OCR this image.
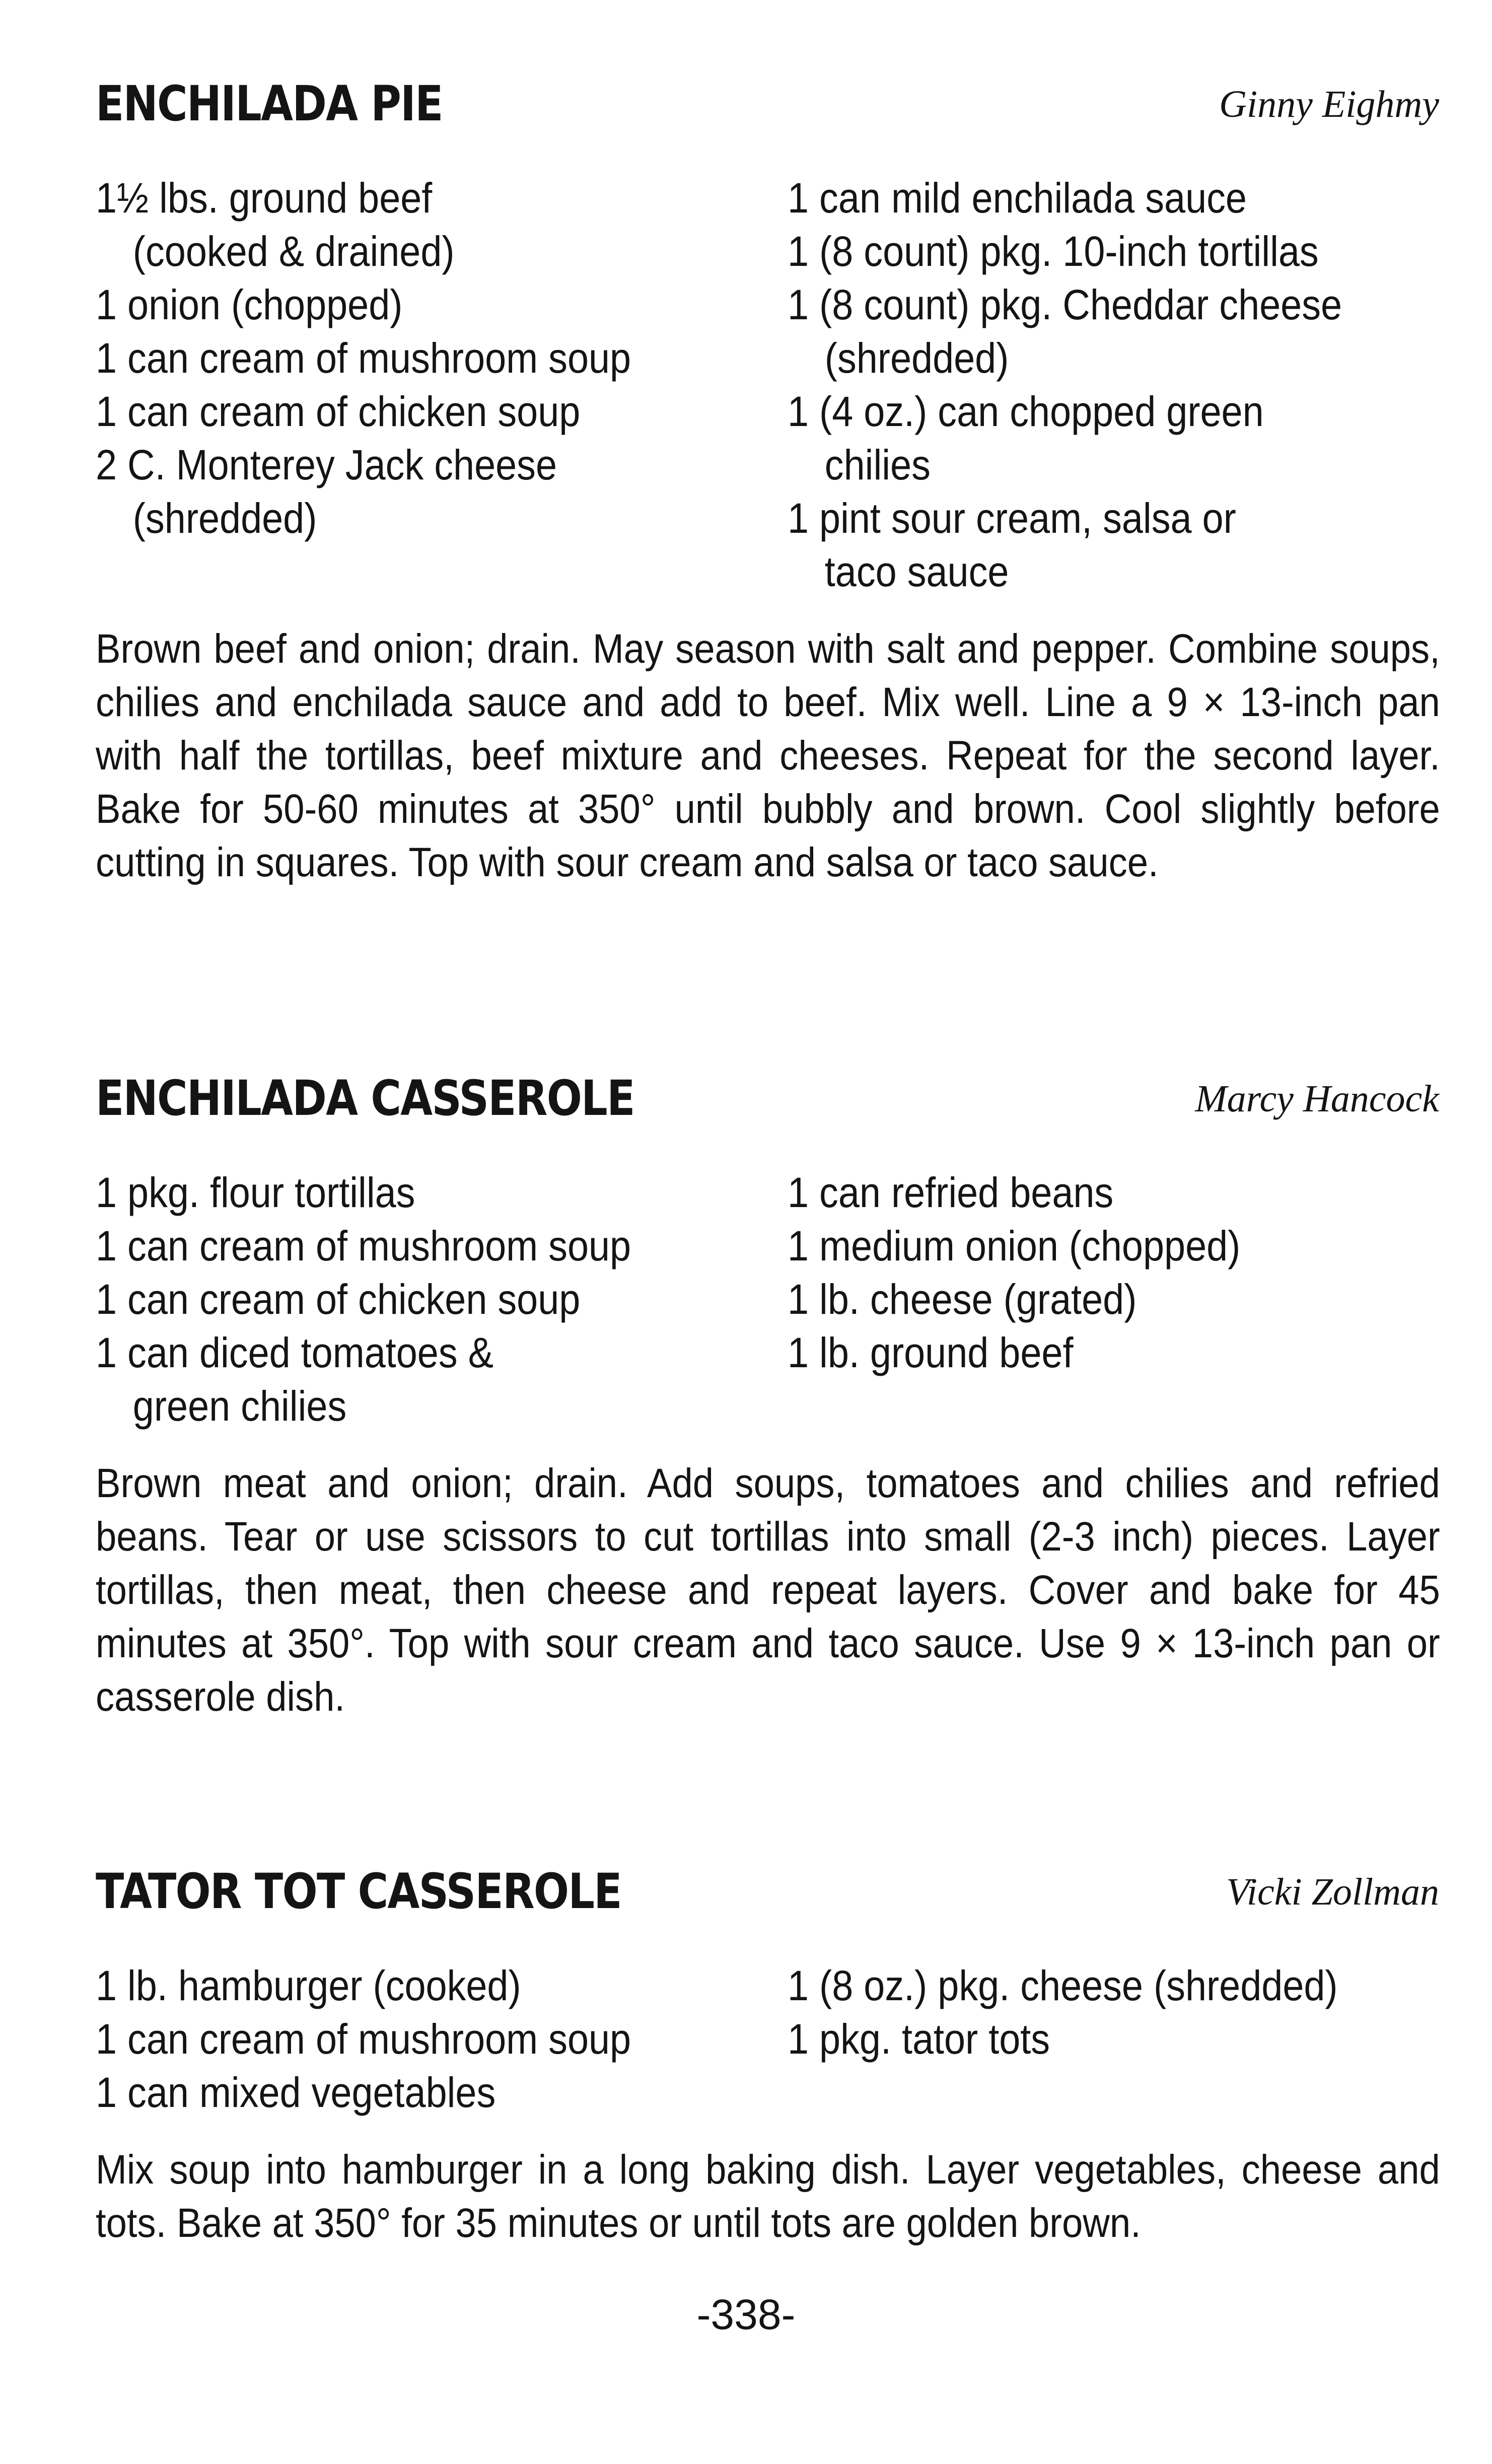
ENCHILADA PIE	Ginny Eighmy
1½ lbs. ground beef
(cooked & drained)
1 onion (chopped)
1 can cream of mushroom soup
1 can cream of chicken soup
2 C. Monterey Jack cheese
(shredded)
1 can mild enchilada sauce
1 (8 count) pkg. 10-inch tortillas
1 (8 count) pkg. Cheddar cheese
(shredded)
1 (4 oz.) can chopped green
chilies
1 pint sour cream, salsa or
taco sauce
Brown beef and onion; drain. May season with salt and pepper. Combine soups, chilies and enchilada sauce and add to beef. Mix well. Line a 9 × 13-inch pan with half the tortillas, beef mixture and cheeses. Repeat for the second layer. Bake for 50-60 minutes at 350° until bubbly and brown. Cool slightly before cutting in squares. Top with sour cream and salsa or taco sauce.
ENCHILADA CASSEROLE	Marcy Hancock
1 pkg. flour tortillas
1 can cream of mushroom soup
1 can cream of chicken soup
1 can diced tomatoes &
green chilies
1 can refried beans
1 medium onion (chopped)
1 lb. cheese (grated)
1 lb. ground beef
Brown meat and onion; drain. Add soups, tomatoes and chilies and refried beans. Tear or use scissors to cut tortillas into small (2-3 inch) pieces. Layer tortillas, then meat, then cheese and repeat layers. Cover and bake for 45 minutes at 350°. Top with sour cream and taco sauce. Use 9 × 13-inch pan or casserole dish.
TATOR TOT CASSEROLE	Vicki Zollman
1 lb. hamburger (cooked)
1 can cream of mushroom soup
1 can mixed vegetables
1 (8 oz.) pkg. cheese (shredded)
1 pkg. tator tots
Mix soup into hamburger in a long baking dish. Layer vegetables, cheese and tots. Bake at 350° for 35 minutes or until tots are golden brown.
-338-
